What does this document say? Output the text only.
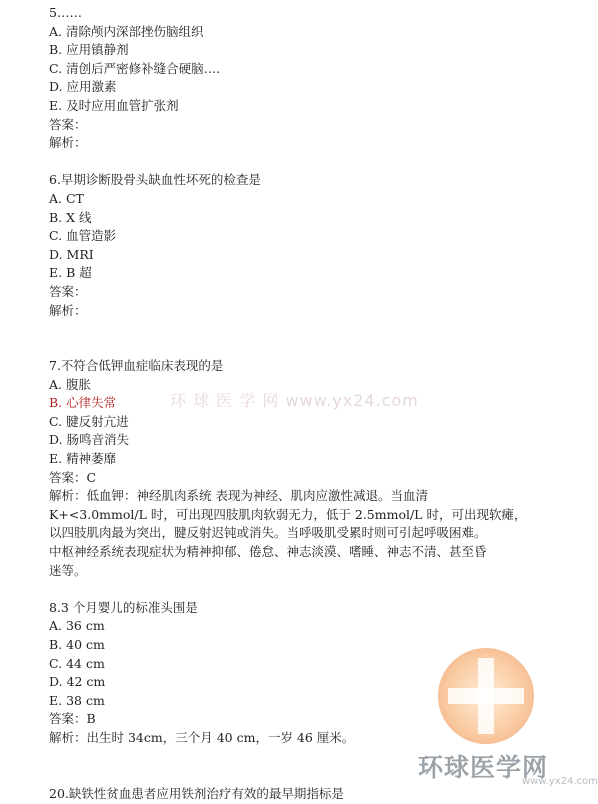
5……
A. 清除颅内深部挫伤脑组织
B. 应用镇静剂
C. 清创后严密修补缝合硬脑….
D. 应用激素
E. 及时应用血管扩张剂
答案：
解析：
6.早期诊断股骨头缺血性坏死的检查是
A. CT
B. X 线
C. 血管造影
D. MRI
E. B 超
答案：
解析：
7.不符合低钾血症临床表现的是
A. 腹胀
B. 心律失常
C. 腱反射亢进
D. 肠鸣音消失
E. 精神萎靡
答案：C
解析：低血钾：神经肌肉系统 表现为神经、肌肉应激性减退。当血清
K+<3.0mmol/L 时，可出现四肢肌肉软弱无力，低于 2.5mmol/L 时，可出现软瘫，
以四肢肌肉最为突出，腱反射迟钝或消失。当呼吸肌受累时则可引起呼吸困难。
中枢神经系统表现症状为精神抑郁、倦怠、神志淡漠、嗜睡、神志不清、甚至昏
迷等。
8.3 个月婴儿的标准头围是
A. 36 cm
B. 40 cm
C. 44 cm
D. 42 cm
E. 38 cm
答案：B
解析：出生时 34cm，三个月 40 cm，一岁 46 厘米。
20.缺铁性贫血患者应用铁剂治疗有效的最早期指标是
环 球 医 学 网 www.yx24.com
环球医学网
www.yx24.com
